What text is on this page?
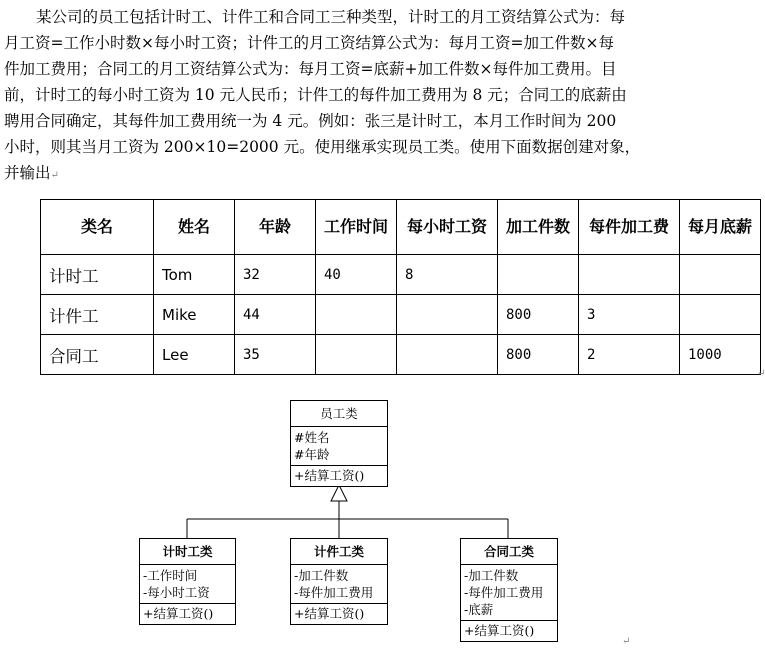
某公司的员工包括计时工、计件工和合同工三种类型，计时工的月工资结算公式为：每
月工资=工作小时数×每小时工资；计件工的月工资结算公式为：每月工资=加工件数×每
件加工费用；合同工的月工资结算公式为：每月工资=底薪+加工件数×每件加工费用。目
前，计时工的每小时工资为 10 元人民币；计件工的每件加工费用为 8 元；合同工的底薪由
聘用合同确定，其每件加工费用统一为 4 元。例如：张三是计时工，本月工作时间为 200
小时，则其当月工资为 200×10=2000 元。使用继承实现员工类。使用下面数据创建对象，
并输出↵
类名	姓名	年龄	工作时间	每小时工资	加工件数	每件加工费	每月底薪
计时工	Tom	32	40	8			
计件工	Mike	44			800	3	
合同工	Lee	35			800	2	1000
员工类
#姓名
#年龄
+结算工资()
计时工类
-工作时间
-每小时工资
+结算工资()
计件工类
-加工件数
-每件加工费用
+结算工资()
合同工类
-加工件数
-每件加工费用
-底薪
+结算工资()
↵
↵
